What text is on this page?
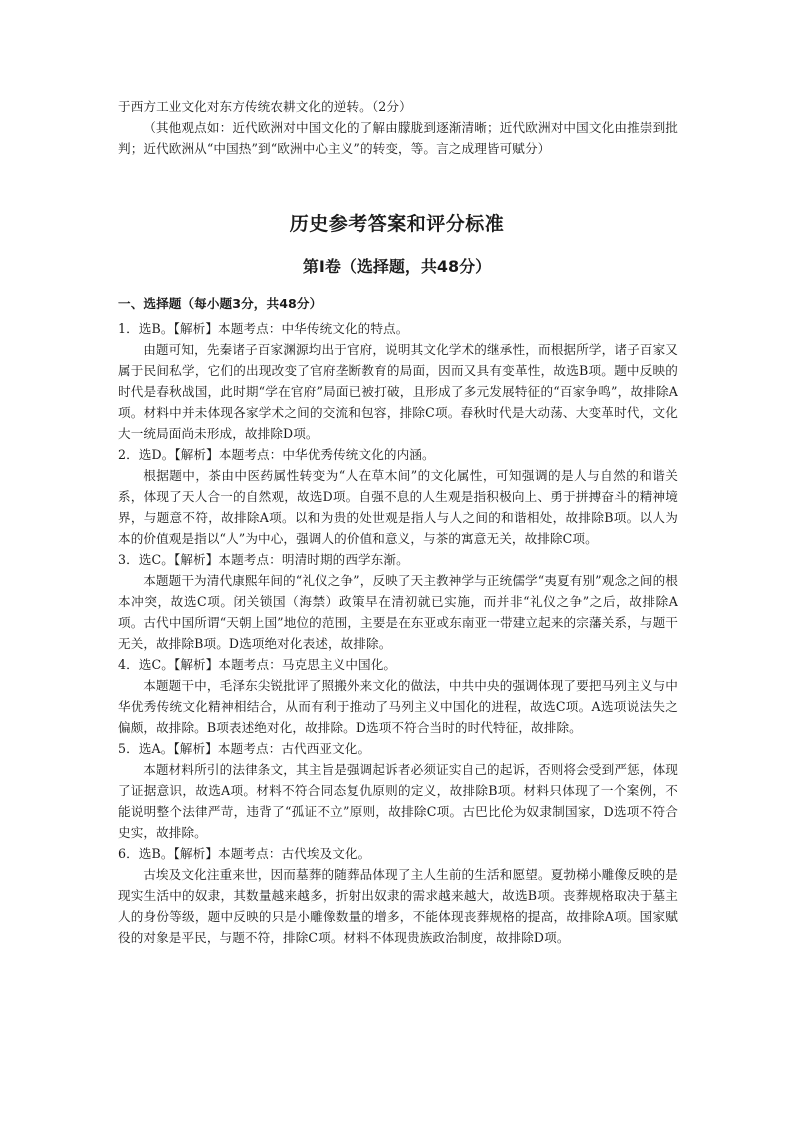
于西方工业文化对东方传统农耕文化的逆转。（2分）

（其他观点如：近代欧洲对中国文化的了解由朦胧到逐渐清晰；近代欧洲对中国文化由推崇到批判；近代欧洲从“中国热”到“欧洲中心主义”的转变，等。言之成理皆可赋分）

历史参考答案和评分标准
第Ⅰ卷（选择题，共48分）

一、选择题（每小题3分，共48分）

1．选B。【解析】本题考点：中华传统文化的特点。

由题可知，先秦诸子百家渊源均出于官府，说明其文化学术的继承性，而根据所学，诸子百家又属于民间私学，它们的出现改变了官府垄断教育的局面，因而又具有变革性，故选B项。题中反映的时代是春秋战国，此时期“学在官府”局面已被打破，且形成了多元发展特征的“百家争鸣”，故排除A项。材料中并未体现各家学术之间的交流和包容，排除C项。春秋时代是大动荡、大变革时代，文化大一统局面尚未形成，故排除D项。

2．选D。【解析】本题考点：中华优秀传统文化的内涵。

根据题中，茶由中医药属性转变为“人在草木间”的文化属性，可知强调的是人与自然的和谐关系，体现了天人合一的自然观，故选D项。自强不息的人生观是指积极向上、勇于拼搏奋斗的精神境界，与题意不符，故排除A项。以和为贵的处世观是指人与人之间的和谐相处，故排除B项。以人为本的价值观是指以“人”为中心，强调人的价值和意义，与茶的寓意无关，故排除C项。

3．选C。【解析】本题考点：明清时期的西学东渐。

本题题干为清代康熙年间的“礼仪之争”，反映了天主教神学与正统儒学“夷夏有别”观念之间的根本冲突，故选C项。闭关锁国（海禁）政策早在清初就已实施，而并非“礼仪之争”之后，故排除A项。古代中国所谓“天朝上国”地位的范围，主要是在东亚或东南亚一带建立起来的宗藩关系，与题干无关，故排除B项。D选项绝对化表述，故排除。

4．选C。【解析】本题考点：马克思主义中国化。

本题题干中，毛泽东尖锐批评了照搬外来文化的做法，中共中央的强调体现了要把马列主义与中华优秀传统文化精神相结合，从而有利于推动了马列主义中国化的进程，故选C项。A选项说法失之偏颇，故排除。B项表述绝对化，故排除。D选项不符合当时的时代特征，故排除。

5．选A。【解析】本题考点：古代西亚文化。

本题材料所引的法律条文，其主旨是强调起诉者必须证实自己的起诉，否则将会受到严惩，体现了证据意识，故选A项。材料不符合同态复仇原则的定义，故排除B项。材料只体现了一个案例，不能说明整个法律严苛，违背了“孤证不立”原则，故排除C项。古巴比伦为奴隶制国家，D选项不符合史实，故排除。

6．选B。【解析】本题考点：古代埃及文化。

古埃及文化注重来世，因而墓葬的随葬品体现了主人生前的生活和愿望。夏勃梯小雕像反映的是现实生活中的奴隶，其数量越来越多，折射出奴隶的需求越来越大，故选B项。丧葬规格取决于墓主人的身份等级，题中反映的只是小雕像数量的增多，不能体现丧葬规格的提高，故排除A项。国家赋役的对象是平民，与题不符，排除C项。材料不体现贵族政治制度，故排除D项。
